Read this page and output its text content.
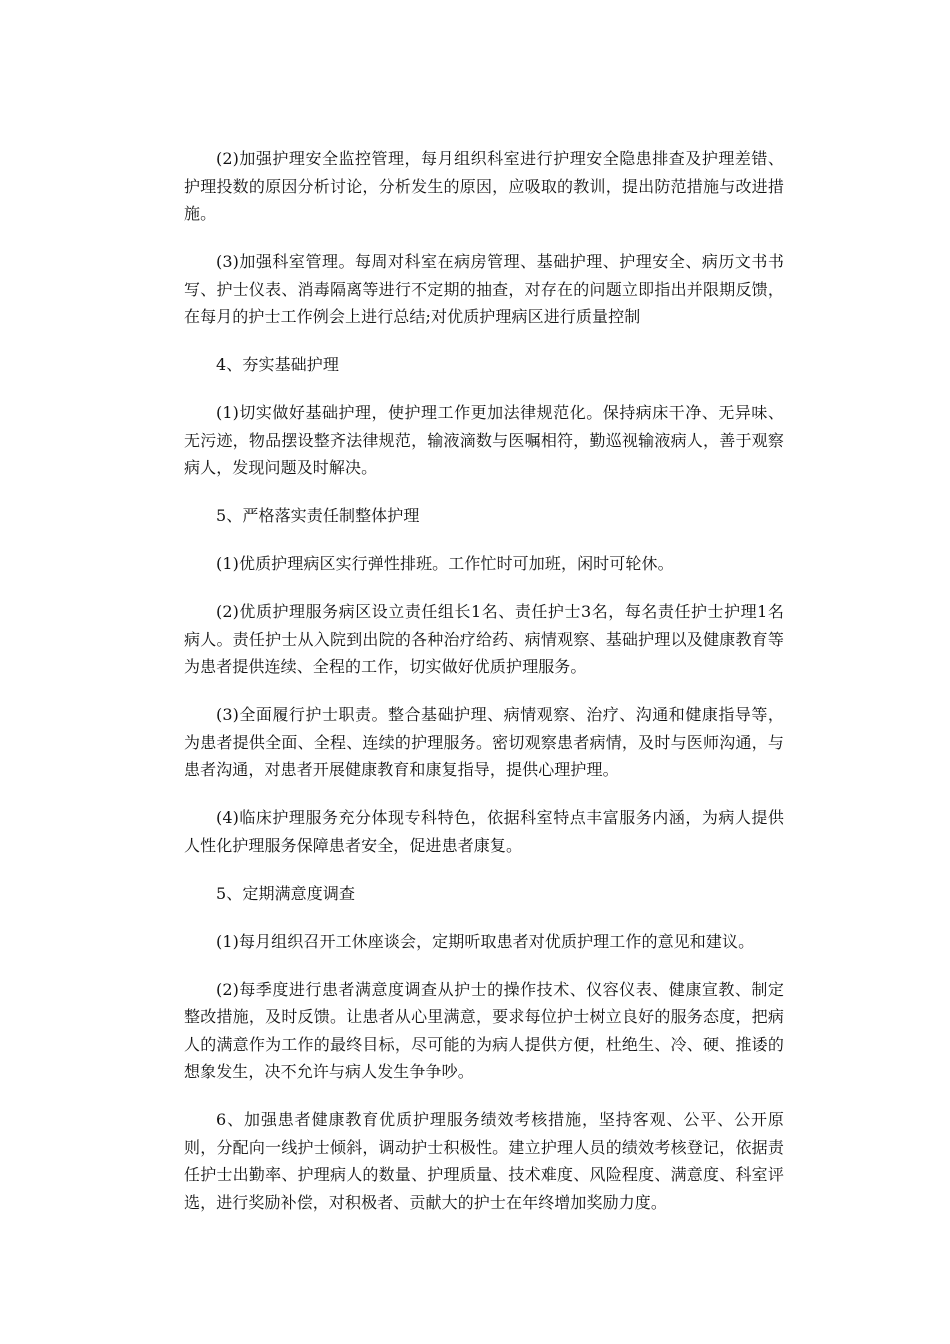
(2)加强护理安全监控管理，每月组织科室进行护理安全隐患排查及护理差错、护理投数的原因分析讨论，分析发生的原因，应吸取的教训，提出防范措施与改进措施。

(3)加强科室管理。每周对科室在病房管理、基础护理、护理安全、病历文书书写、护士仪表、消毒隔离等进行不定期的抽查，对存在的问题立即指出并限期反馈，在每月的护士工作例会上进行总结;对优质护理病区进行质量控制

4、夯实基础护理

(1)切实做好基础护理，使护理工作更加法律规范化。保持病床干净、无异味、无污迹，物品摆设整齐法律规范，输液滴数与医嘱相符，勤巡视输液病人，善于观察病人，发现问题及时解决。

5、严格落实责任制整体护理

(1)优质护理病区实行弹性排班。工作忙时可加班，闲时可轮休。

(2)优质护理服务病区设立责任组长1名、责任护士3名，每名责任护士护理1名病人。责任护士从入院到出院的各种治疗给药、病情观察、基础护理以及健康教育等为患者提供连续、全程的工作，切实做好优质护理服务。

(3)全面履行护士职责。整合基础护理、病情观察、治疗、沟通和健康指导等，为患者提供全面、全程、连续的护理服务。密切观察患者病情，及时与医师沟通，与患者沟通，对患者开展健康教育和康复指导，提供心理护理。

(4)临床护理服务充分体现专科特色，依据科室特点丰富服务内涵，为病人提供人性化护理服务保障患者安全，促进患者康复。

5、定期满意度调查

(1)每月组织召开工休座谈会，定期听取患者对优质护理工作的意见和建议。

(2)每季度进行患者满意度调查从护士的操作技术、仪容仪表、健康宣教、制定整改措施，及时反馈。让患者从心里满意，要求每位护士树立良好的服务态度，把病人的满意作为工作的最终目标，尽可能的为病人提供方便，杜绝生、冷、硬、推诿的想象发生，决不允许与病人发生争争吵。

6、加强患者健康教育优质护理服务绩效考核措施，坚持客观、公平、公开原则，分配向一线护士倾斜，调动护士积极性。建立护理人员的绩效考核登记，依据责任护士出勤率、护理病人的数量、护理质量、技术难度、风险程度、满意度、科室评选，进行奖励补偿，对积极者、贡献大的护士在年终增加奖励力度。
